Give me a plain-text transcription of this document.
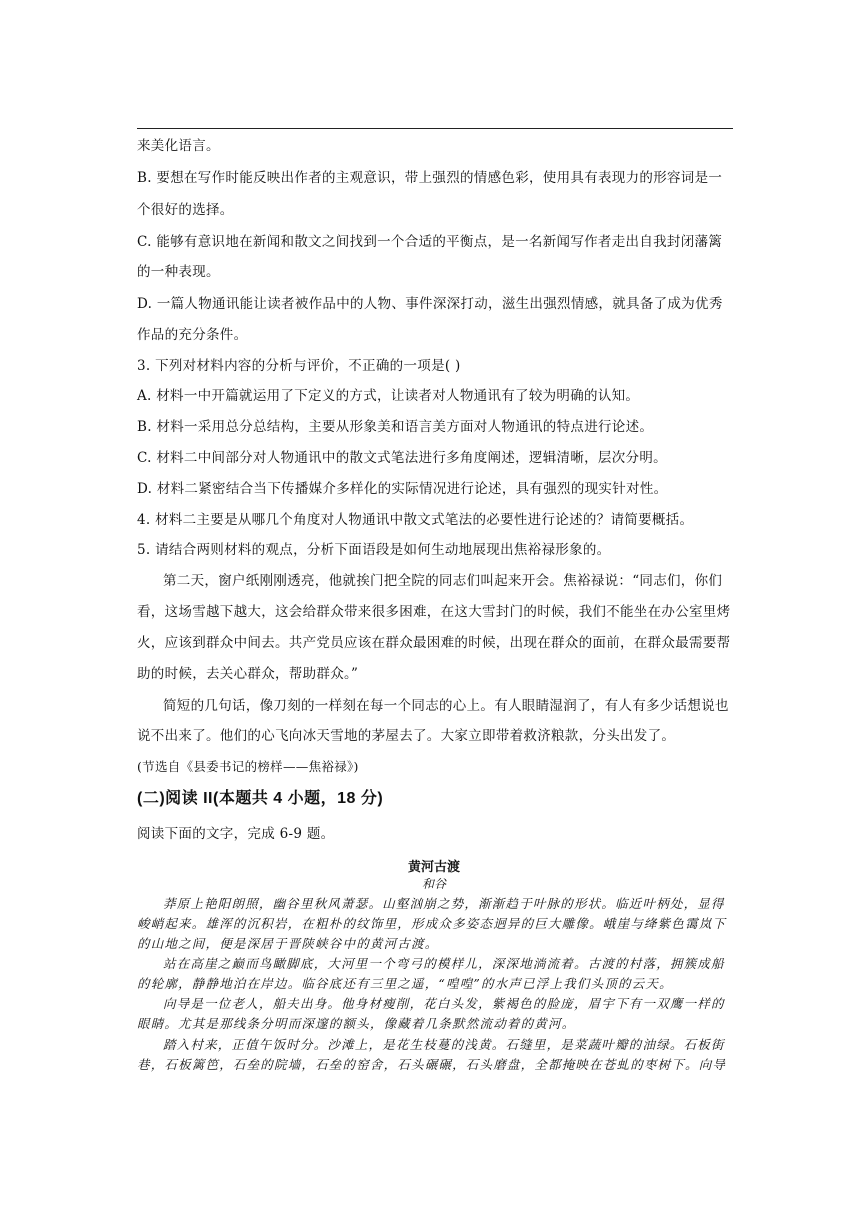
来美化语言。
B. 要想在写作时能反映出作者的主观意识，带上强烈的情感色彩，使用具有表现力的形容词是一
个很好的选择。
C. 能够有意识地在新闻和散文之间找到一个合适的平衡点，是一名新闻写作者走出自我封闭藩篱
的一种表现。
D. 一篇人物通讯能让读者被作品中的人物、事件深深打动，滋生出强烈情感，就具备了成为优秀
作品的充分条件。
3. 下列对材料内容的分析与评价，不正确的一项是( )
A. 材料一中开篇就运用了下定义的方式，让读者对人物通讯有了较为明确的认知。
B. 材料一采用总分总结构，主要从形象美和语言美方面对人物通讯的特点进行论述。
C. 材料二中间部分对人物通讯中的散文式笔法进行多角度阐述，逻辑清晰，层次分明。
D. 材料二紧密结合当下传播媒介多样化的实际情况进行论述，具有强烈的现实针对性。
4. 材料二主要是从哪几个角度对人物通讯中散文式笔法的必要性进行论述的？请简要概括。
5. 请结合两则材料的观点，分析下面语段是如何生动地展现出焦裕禄形象的。
第二天，窗户纸刚刚透亮，他就挨门把全院的同志们叫起来开会。焦裕禄说：“同志们，你们
看，这场雪越下越大，这会给群众带来很多困难，在这大雪封门的时候，我们不能坐在办公室里烤
火，应该到群众中间去。共产党员应该在群众最困难的时候，出现在群众的面前，在群众最需要帮
助的时候，去关心群众，帮助群众。”
简短的几句话，像刀刻的一样刻在每一个同志的心上。有人眼睛湿润了，有人有多少话想说也
说不出来了。他们的心飞向冰天雪地的茅屋去了。大家立即带着救济粮款，分头出发了。
(节选自《县委书记的榜样——焦裕禄》)
(二)阅读 II(本题共 4 小题，18 分)
阅读下面的文字，完成 6-9 题。
黄河古渡
和谷
莽原上艳阳朗照，幽谷里秋风萧瑟。山壑汹崩之势，渐渐趋于叶脉的形状。临近叶柄处，显得
峻峭起来。雄浑的沉积岩，在粗朴的纹饰里，形成众多姿态迥异的巨大雕像。峨崖与绛紫色霭岚下
的山地之间，便是深居于晋陕峡谷中的黄河古渡。
站在高崖之巅而鸟瞰脚底，大河里一个弯弓的模样儿，深深地淌流着。古渡的村落，拥簇成船
的轮廓，静静地泊在岸边。临谷底还有三里之遥，“喤喤”的水声已浮上我们头顶的云天。
向导是一位老人，船夫出身。他身材瘦削，花白头发，紫褐色的脸庞，眉宇下有一双鹰一样的
眼睛。尤其是那线条分明而深邃的额头，像藏着几条默然流动着的黄河。
踏入村来，正值午饭时分。沙滩上，是花生枝蔓的浅黄。石缝里，是菜蔬叶瓣的油绿。石板街
巷，石板篱笆，石垒的院墙，石垒的窑舍，石头碾碾，石头磨盘，全都掩映在苍虬的枣树下。向导
